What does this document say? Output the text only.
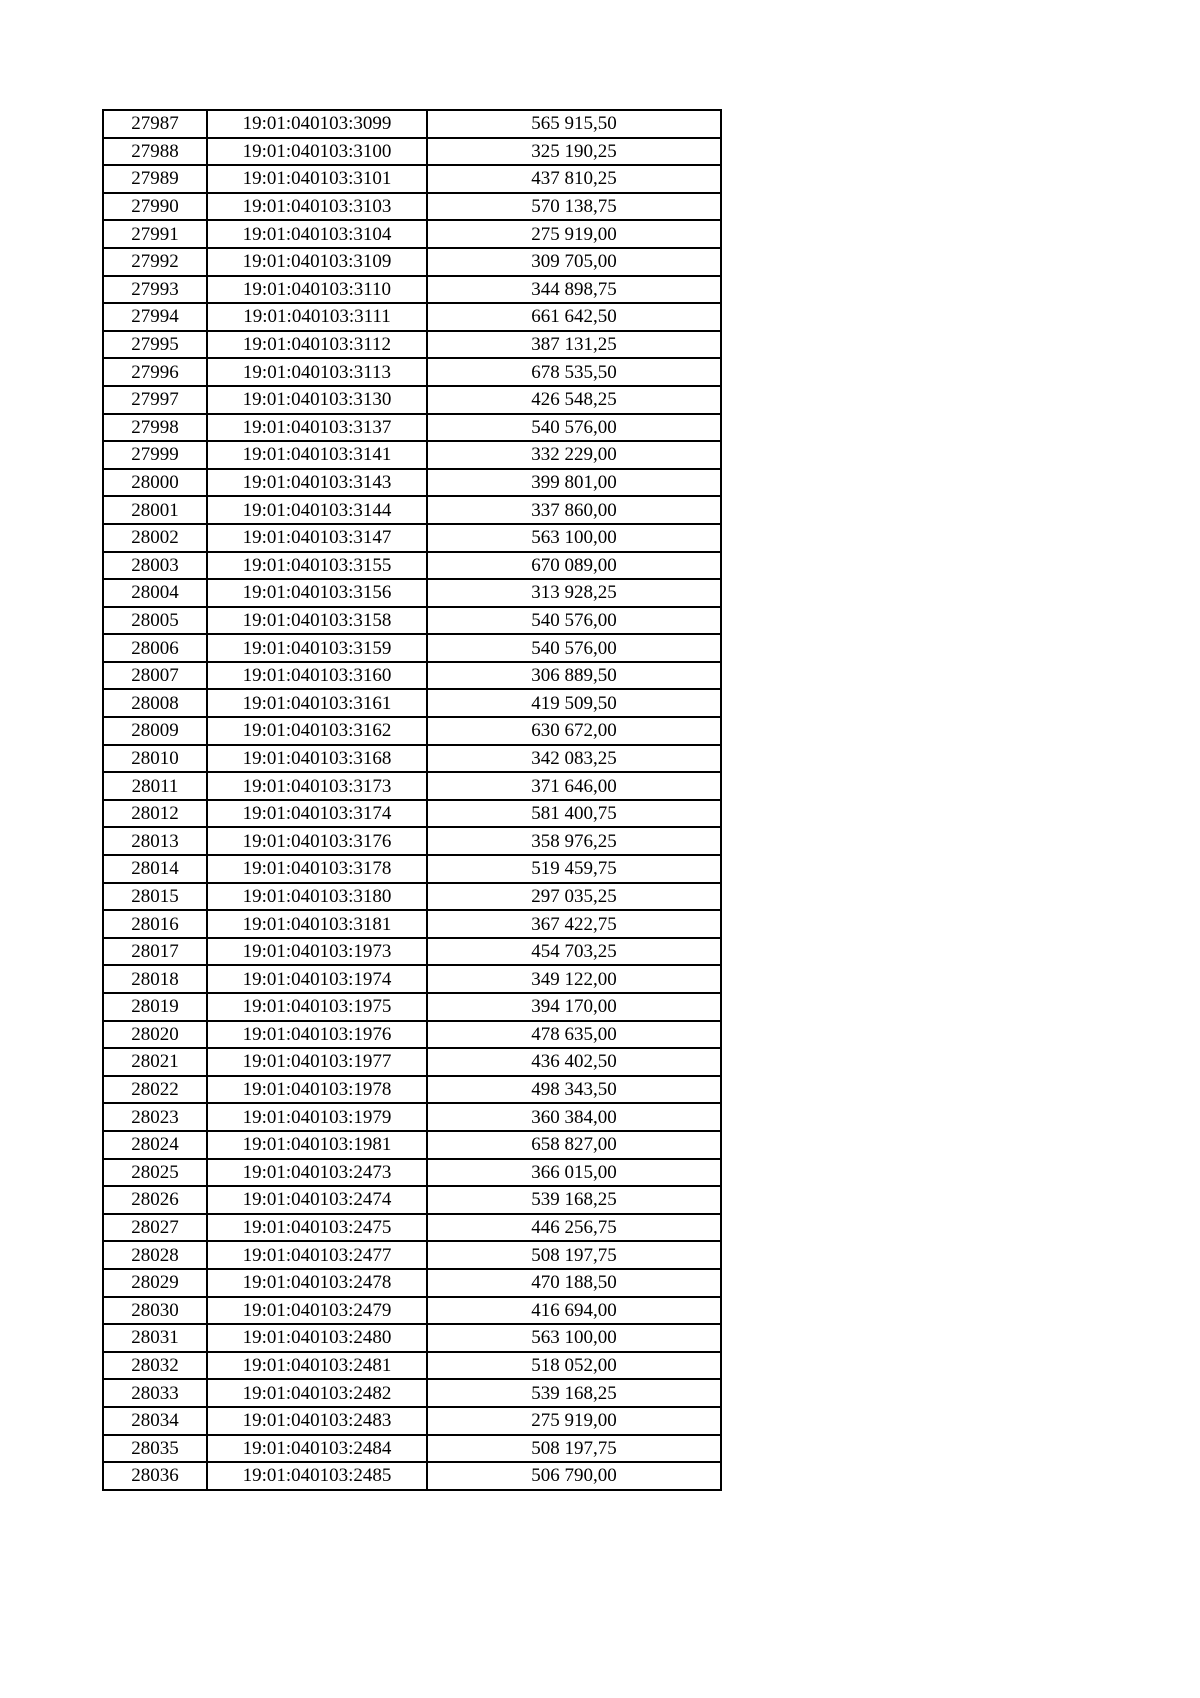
27987	19:01:040103:3099	565 915,50
27988	19:01:040103:3100	325 190,25
27989	19:01:040103:3101	437 810,25
27990	19:01:040103:3103	570 138,75
27991	19:01:040103:3104	275 919,00
27992	19:01:040103:3109	309 705,00
27993	19:01:040103:3110	344 898,75
27994	19:01:040103:3111	661 642,50
27995	19:01:040103:3112	387 131,25
27996	19:01:040103:3113	678 535,50
27997	19:01:040103:3130	426 548,25
27998	19:01:040103:3137	540 576,00
27999	19:01:040103:3141	332 229,00
28000	19:01:040103:3143	399 801,00
28001	19:01:040103:3144	337 860,00
28002	19:01:040103:3147	563 100,00
28003	19:01:040103:3155	670 089,00
28004	19:01:040103:3156	313 928,25
28005	19:01:040103:3158	540 576,00
28006	19:01:040103:3159	540 576,00
28007	19:01:040103:3160	306 889,50
28008	19:01:040103:3161	419 509,50
28009	19:01:040103:3162	630 672,00
28010	19:01:040103:3168	342 083,25
28011	19:01:040103:3173	371 646,00
28012	19:01:040103:3174	581 400,75
28013	19:01:040103:3176	358 976,25
28014	19:01:040103:3178	519 459,75
28015	19:01:040103:3180	297 035,25
28016	19:01:040103:3181	367 422,75
28017	19:01:040103:1973	454 703,25
28018	19:01:040103:1974	349 122,00
28019	19:01:040103:1975	394 170,00
28020	19:01:040103:1976	478 635,00
28021	19:01:040103:1977	436 402,50
28022	19:01:040103:1978	498 343,50
28023	19:01:040103:1979	360 384,00
28024	19:01:040103:1981	658 827,00
28025	19:01:040103:2473	366 015,00
28026	19:01:040103:2474	539 168,25
28027	19:01:040103:2475	446 256,75
28028	19:01:040103:2477	508 197,75
28029	19:01:040103:2478	470 188,50
28030	19:01:040103:2479	416 694,00
28031	19:01:040103:2480	563 100,00
28032	19:01:040103:2481	518 052,00
28033	19:01:040103:2482	539 168,25
28034	19:01:040103:2483	275 919,00
28035	19:01:040103:2484	508 197,75
28036	19:01:040103:2485	506 790,00
